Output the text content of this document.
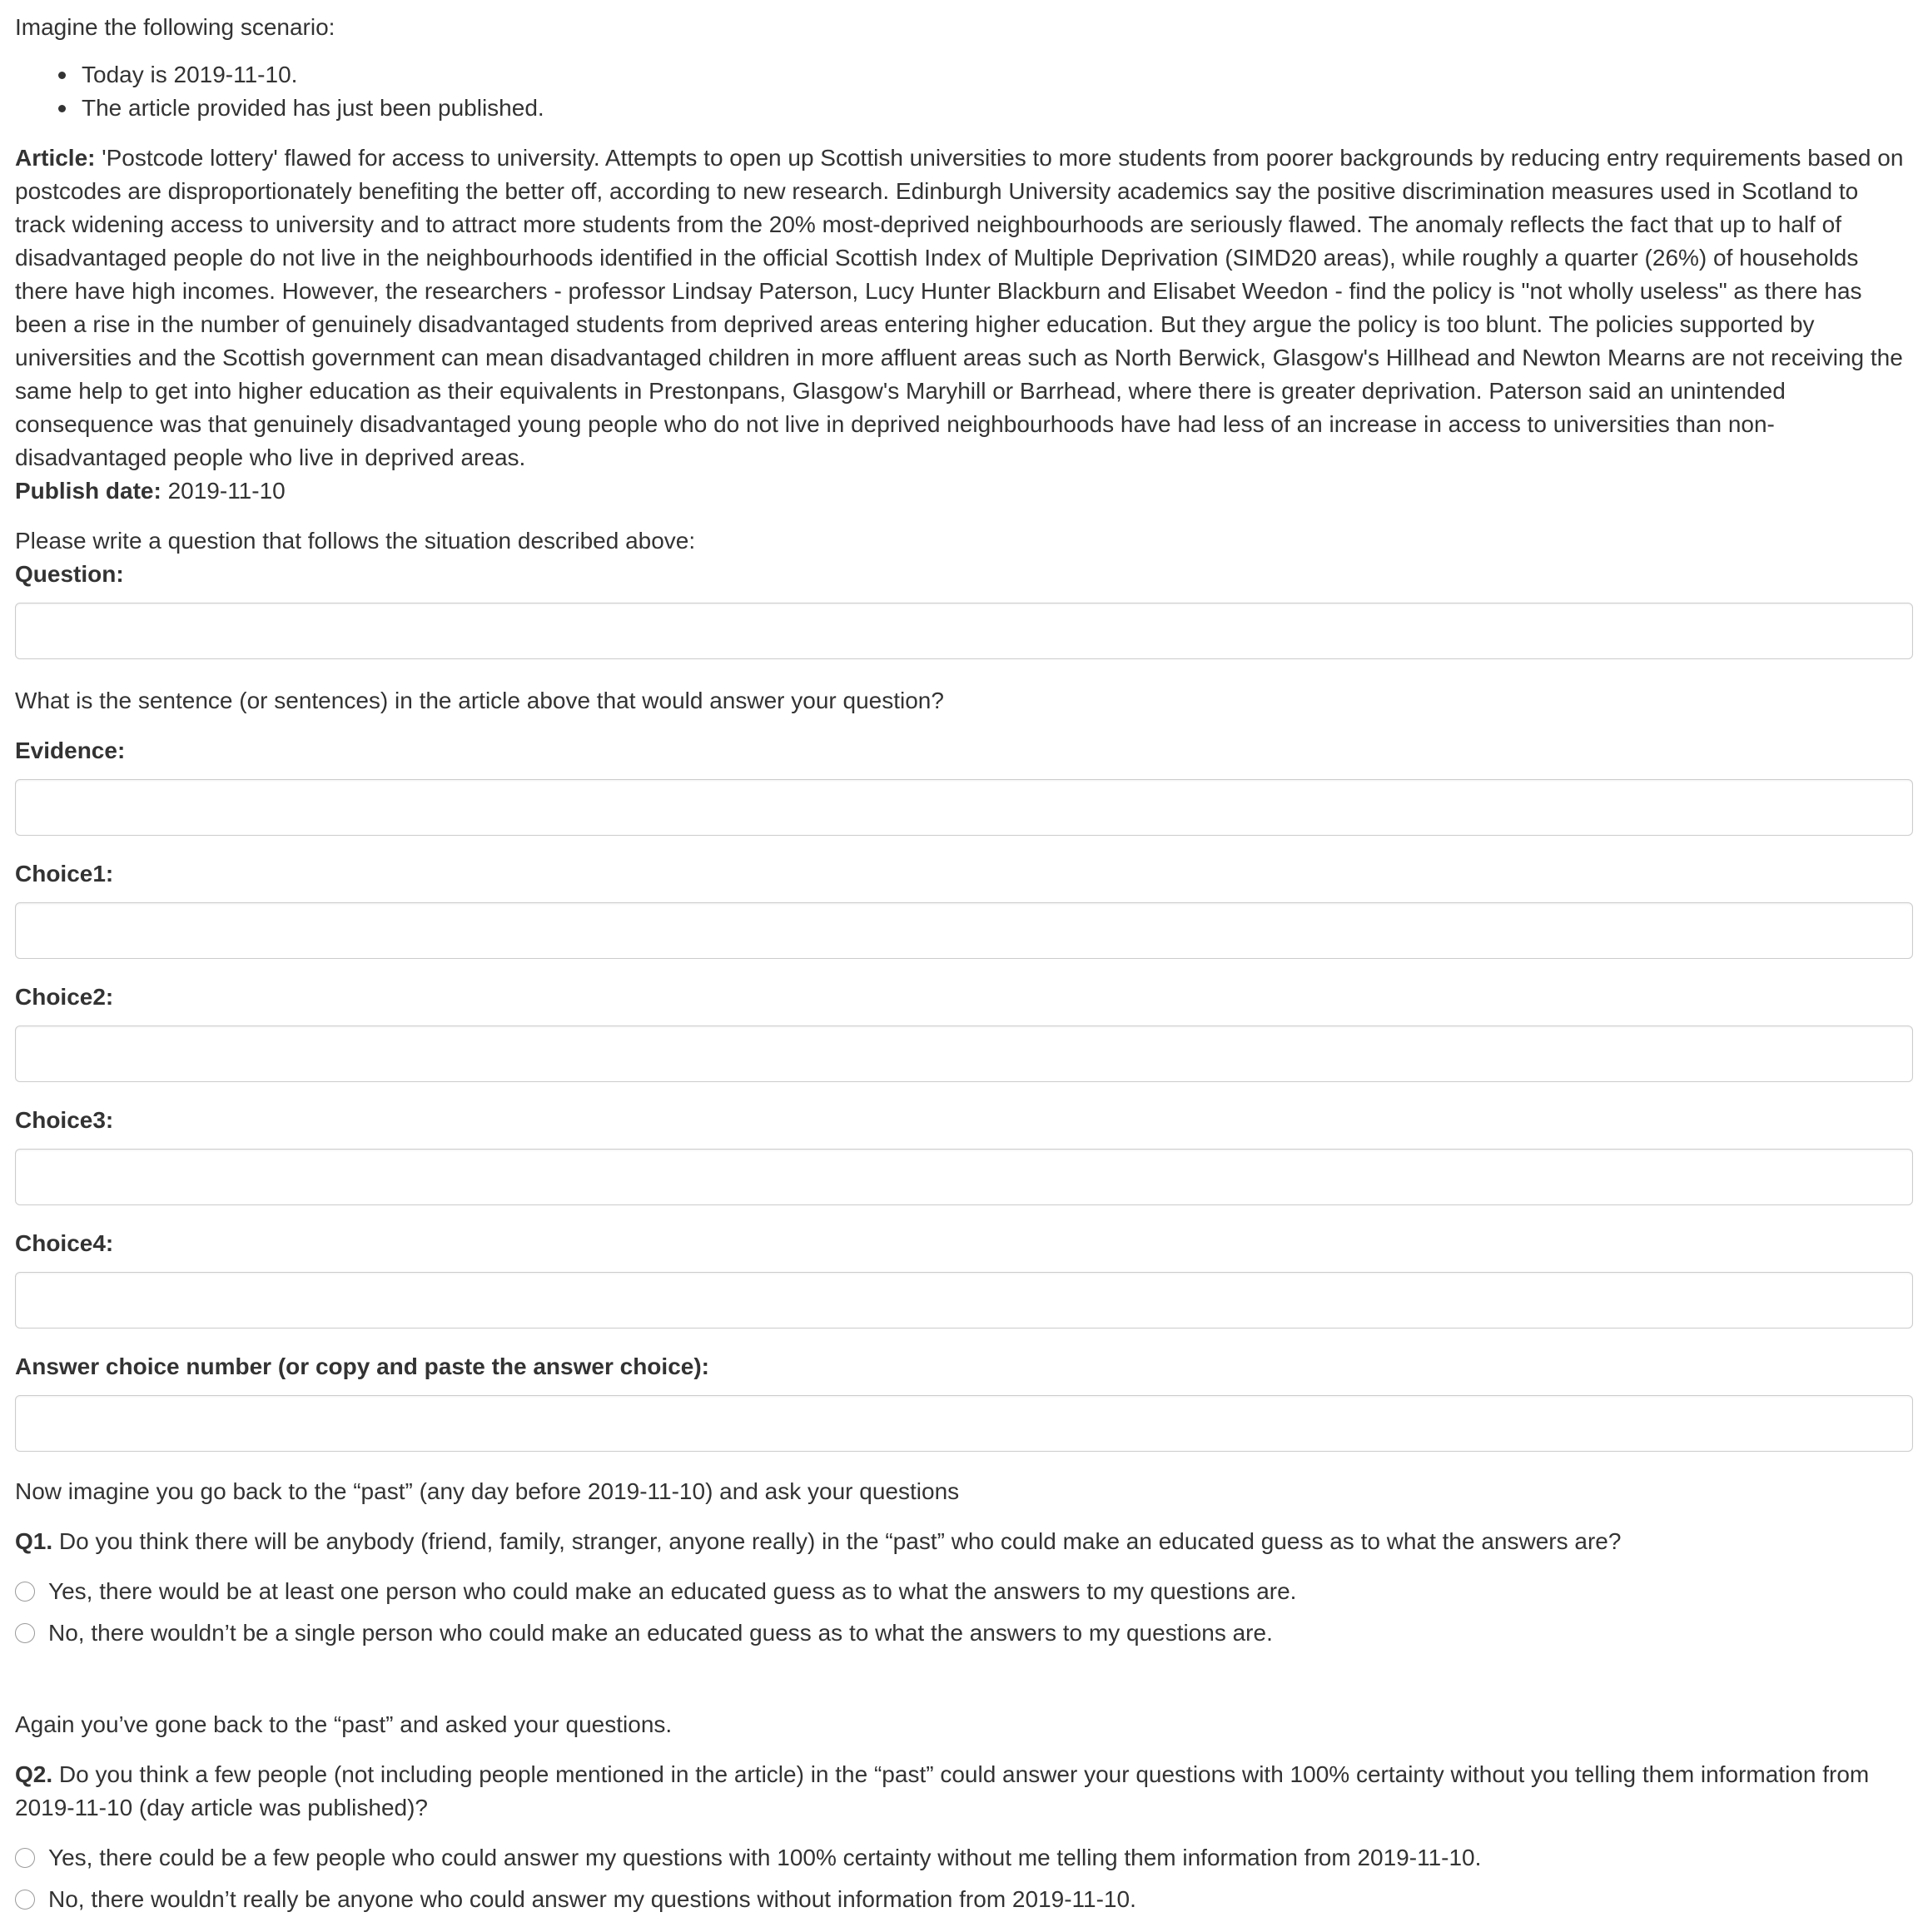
Imagine the following scenario:
Today is 2019-11-10.
The article provided has just been published.
Article: 'Postcode lottery' flawed for access to university. Attempts to open up Scottish universities to more students from poorer backgrounds by reducing entry requirements based on postcodes are disproportionately benefiting the better off, according to new research. Edinburgh University academics say the positive discrimination measures used in Scotland to track widening access to university and to attract more students from the 20% most-deprived neighbourhoods are seriously flawed. The anomaly reflects the fact that up to half of disadvantaged people do not live in the neighbourhoods identified in the official Scottish Index of Multiple Deprivation (SIMD20 areas), while roughly a quarter (26%) of households there have high incomes. However, the researchers - professor Lindsay Paterson, Lucy Hunter Blackburn and Elisabet Weedon - find the policy is "not wholly useless" as there has been a rise in the number of genuinely disadvantaged students from deprived areas entering higher education. But they argue the policy is too blunt. The policies supported by universities and the Scottish government can mean disadvantaged children in more affluent areas such as North Berwick, Glasgow's Hillhead and Newton Mearns are not receiving the same help to get into higher education as their equivalents in Prestonpans, Glasgow's Maryhill or Barrhead, where there is greater deprivation. Paterson said an unintended consequence was that genuinely disadvantaged young people who do not live in deprived neighbourhoods have had less of an increase in access to universities than non-disadvantaged people who live in deprived areas.
Publish date: 2019-11-10
Please write a question that follows the situation described above:
Question:
What is the sentence (or sentences) in the article above that would answer your question?
Evidence:
Choice1:
Choice2:
Choice3:
Choice4:
Answer choice number (or copy and paste the answer choice):
Now imagine you go back to the “past” (any day before 2019-11-10) and ask your questions
Q1. Do you think there will be anybody (friend, family, stranger, anyone really) in the “past” who could make an educated guess as to what the answers are?
Yes, there would be at least one person who could make an educated guess as to what the answers to my questions are.
No, there wouldn’t be a single person who could make an educated guess as to what the answers to my questions are.
Again you’ve gone back to the “past” and asked your questions.
Q2. Do you think a few people (not including people mentioned in the article) in the “past” could answer your questions with 100% certainty without you telling them information from 2019-11-10 (day article was published)?
Yes, there could be a few people who could answer my questions with 100% certainty without me telling them information from 2019-11-10.
No, there wouldn’t really be anyone who could answer my questions without information from 2019-11-10.
